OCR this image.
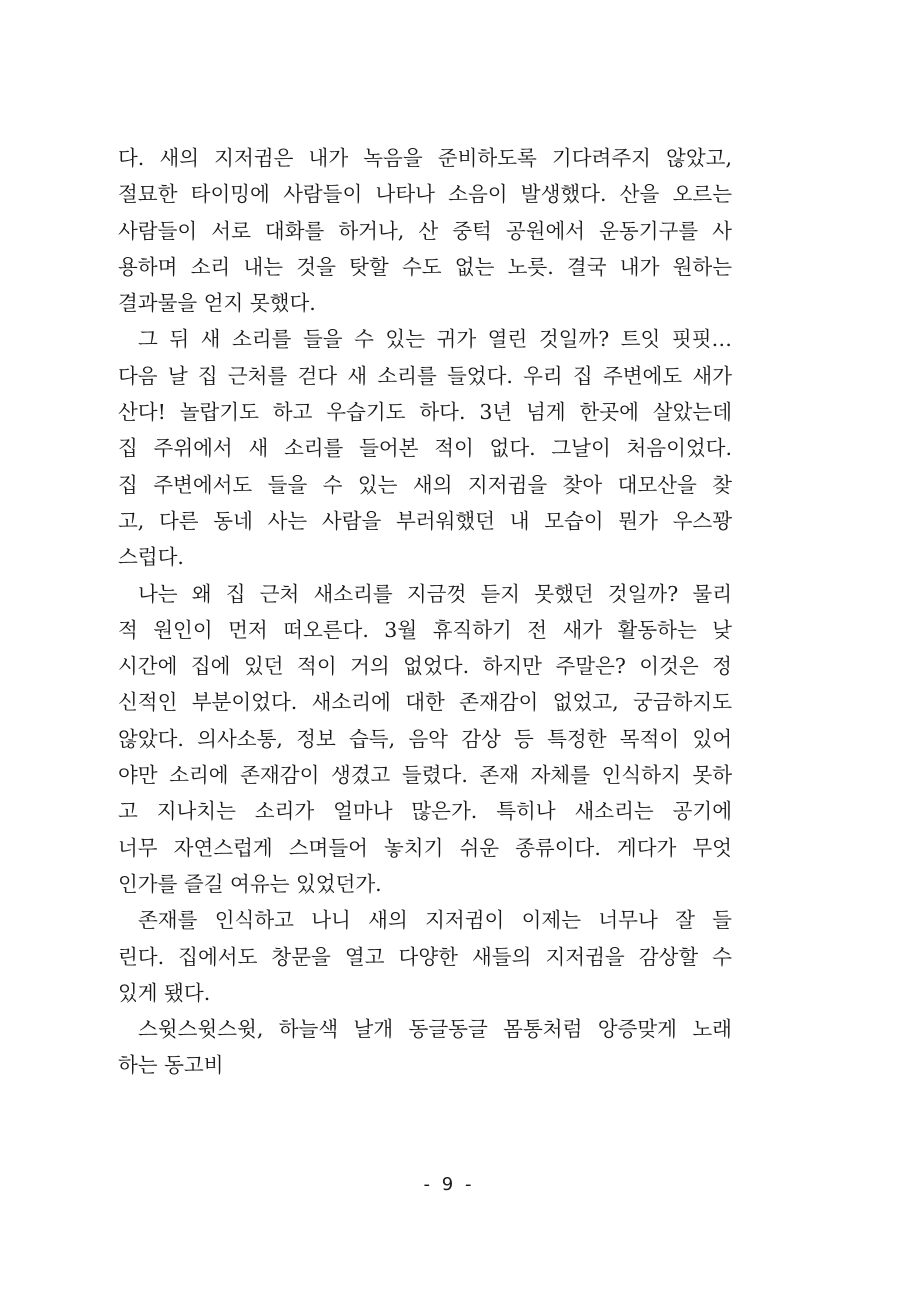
다. 새의 지저귐은 내가 녹음을 준비하도록 기다려주지 않았고,
절묘한 타이밍에 사람들이 나타나 소음이 발생했다. 산을 오르는
사람들이 서로 대화를 하거나, 산 중턱 공원에서 운동기구를 사
용하며 소리 내는 것을 탓할 수도 없는 노릇. 결국 내가 원하는
결과물을 얻지 못했다.
그 뒤 새 소리를 들을 수 있는 귀가 열린 것일까? 트잇 핏핏…
다음 날 집 근처를 걷다 새 소리를 들었다. 우리 집 주변에도 새가
산다! 놀랍기도 하고 우습기도 하다. 3년 넘게 한곳에 살았는데
집 주위에서 새 소리를 들어본 적이 없다. 그날이 처음이었다.
집 주변에서도 들을 수 있는 새의 지저귐을 찾아 대모산을 찾
고, 다른 동네 사는 사람을 부러워했던 내 모습이 뭔가 우스꽝
스럽다.
나는 왜 집 근처 새소리를 지금껏 듣지 못했던 것일까? 물리
적 원인이 먼저 떠오른다. 3월 휴직하기 전 새가 활동하는 낮
시간에 집에 있던 적이 거의 없었다. 하지만 주말은? 이것은 정
신적인 부분이었다. 새소리에 대한 존재감이 없었고, 궁금하지도
않았다. 의사소통, 정보 습득, 음악 감상 등 특정한 목적이 있어
야만 소리에 존재감이 생겼고 들렸다. 존재 자체를 인식하지 못하
고 지나치는 소리가 얼마나 많은가. 특히나 새소리는 공기에
너무 자연스럽게 스며들어 놓치기 쉬운 종류이다. 게다가 무엇
인가를 즐길 여유는 있었던가.
존재를 인식하고 나니 새의 지저귐이 이제는 너무나 잘 들
린다. 집에서도 창문을 열고 다양한 새들의 지저귐을 감상할 수
있게 됐다.
스윗스윗스윗, 하늘색 날개 동글동글 몸통처럼 앙증맞게 노래
하는 동고비
- 9 -
